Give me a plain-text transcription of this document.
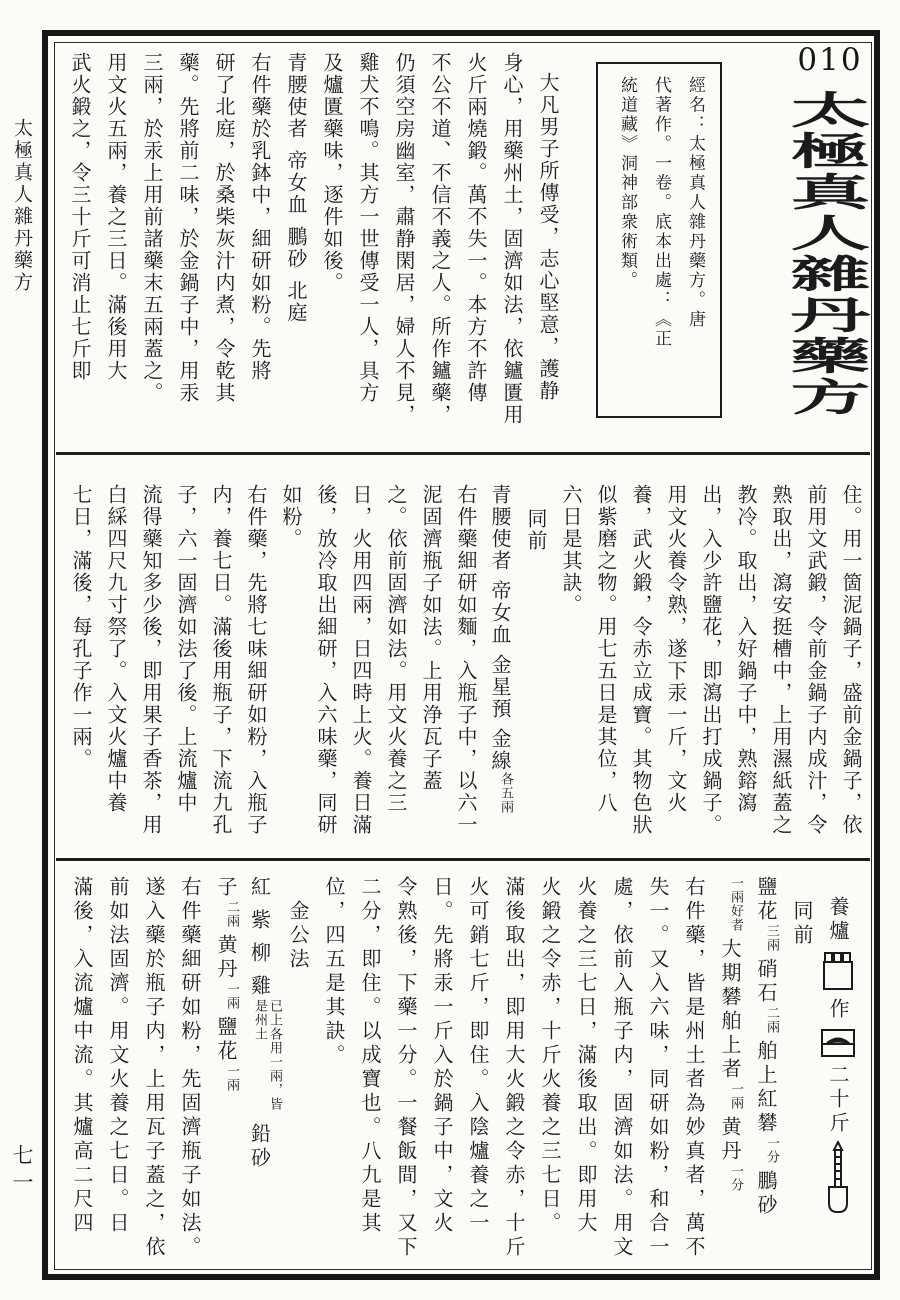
太極真人雜丹藥方
七一
010
太極真人雜丹藥方
經名：太極真人雜丹藥方。唐
代著作。一卷。底本出處：《正
統道藏》洞神部衆術類。
大凡男子所傳受，志心堅意，護静
身心，用藥州土，固濟如法，依鑪匱用
火斤兩燒鍛。萬不失一。本方不許傳
不公不道、不信不義之人。所作鑪藥，
仍須空房幽室，肅静閑居，婦人不見，
雞犬不鳴。其方一世傳受一人，具方
及爐匱藥味，逐件如後。
青腰使者帝女血鵬砂北庭
右件藥於乳鉢中，細研如粉。先將
研了北庭，於桑柴灰汁内煮，令乾其
藥。先將前二味，於金鍋子中，用汞
三兩，於汞上用前諸藥末五兩蓋之。
用文火五兩，養之三日。滿後用大
武火鍛之，令三十斤可消止七斤即
住。用一箇泥鍋子，盛前金鍋子，依
前用文武鍛，令前金鍋子内成汁，令
熟取出，瀉安挺槽中，上用濕紙蓋之
教冷。取出，入好鍋子中，熟鎔瀉
出，入少許鹽花，即瀉出打成鍋子。
用文火養令熟，遂下汞一斤，文火
養，武火鍛，令赤立成寶。其物色狀
似紫磨之物。用七五日是其位，八
六日是其訣。
同前
青腰使者帝女血金星預金線各五兩
右件藥細研如麵，入瓶子中，以六一
泥固濟瓶子如法。上用浄瓦子蓋
之。依前固濟如法。用文火養之三
日，火用四兩，日四時上火。養日滿
後，放冷取出細研，入六味藥，同研
如粉。
右件藥，先將七味細研如粉，入瓶子
内，養七日。滿後用瓶子，下流九孔
子，六一固濟如法了後。上流爐中
流得藥知多少後，即用果子香茶，用
白綵四尺九寸祭了。入文火爐中養
七日，滿後，每孔子作一兩。
養爐
作
二十斤
同前
鹽花三兩硝石二兩舶上紅礬一分鵬砂
一兩好者大期礬舶上者一兩黄丹一分
右件藥，皆是州土者為妙真者，萬不
失一。又入六味，同研如粉，和合一
處，依前入瓶子内，固濟如法。用文
火養之三七日，滿後取出。即用大
火鍛之令赤，十斤火養之三七日。
滿後取出，即用大火鍛之令赤，十斤
火可銷七斤，即住。入陰爐養之一
日。先將汞一斤入於鍋子中，文火
令熟後，下藥一分。一餐飯間，又下
二分，即住。以成寶也。八九是其
位，四五是其訣。
金公法
紅紫柳雞已上各用一兩，皆是州土鉛砂
子二兩黄丹一兩鹽花一兩
右件藥細研如粉，先固濟瓶子如法。
遂入藥於瓶子内，上用瓦子蓋之，依
前如法固濟。用文火養之七日。日
滿後，入流爐中流。其爐高二尺四
